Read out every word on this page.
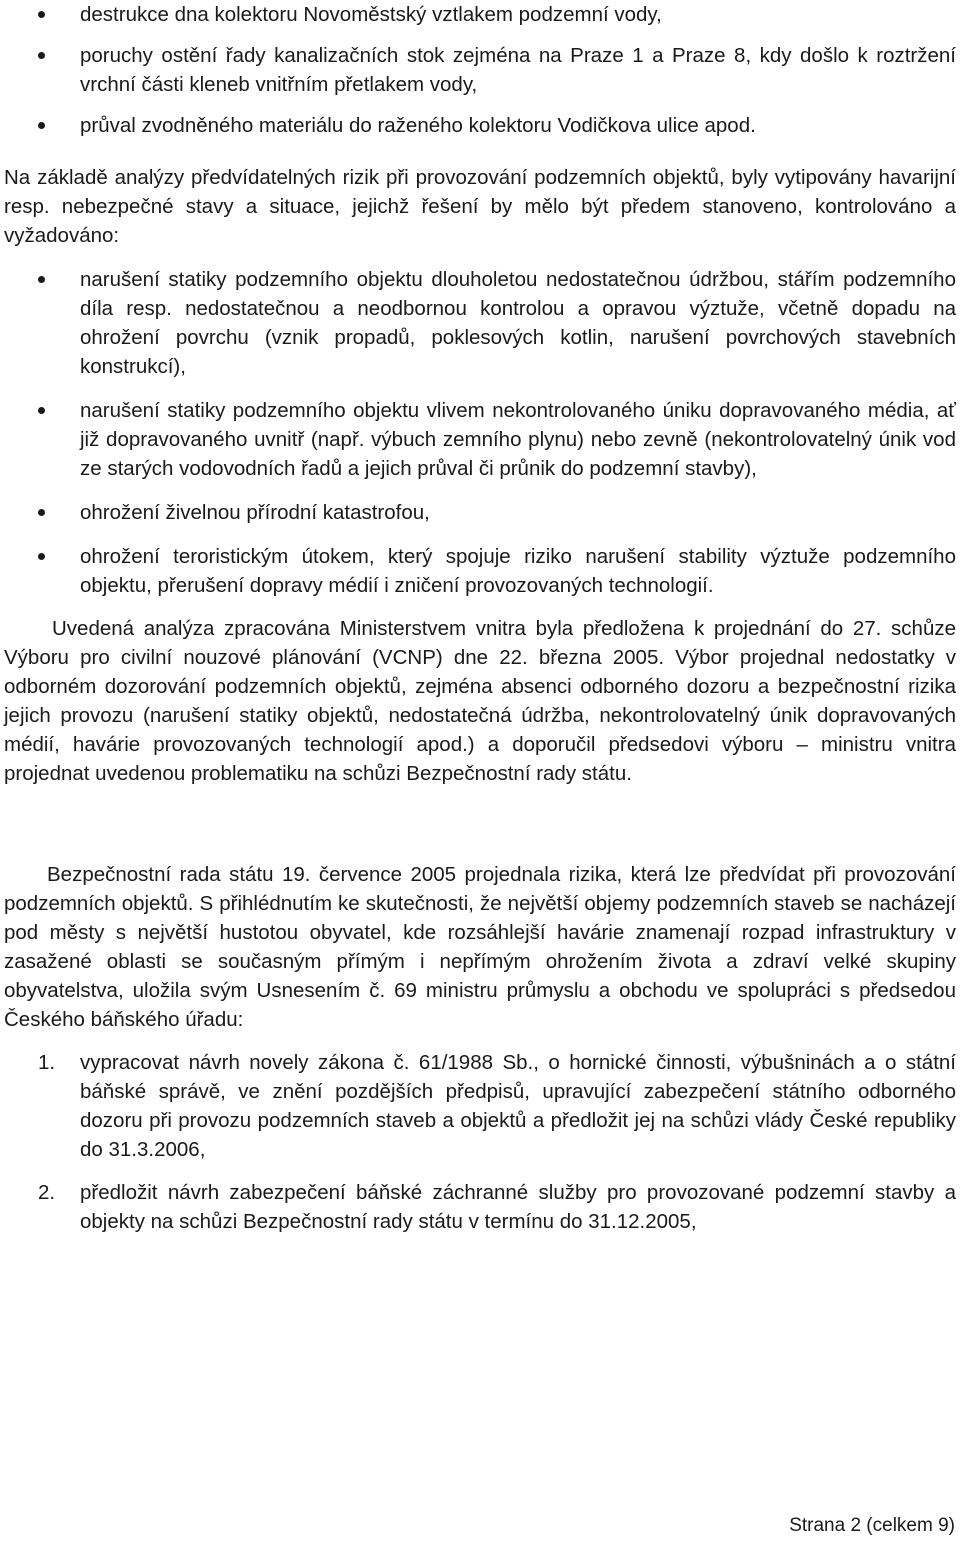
destrukce dna kolektoru Novoměstský vztlakem podzemní vody,
poruchy ostění řady kanalizačních stok zejména na Praze 1 a Praze 8, kdy došlo k roztržení vrchní části kleneb vnitřním přetlakem vody,
průval zvodněného materiálu do raženého kolektoru Vodičkova ulice apod.

Na základě analýzy předvídatelných rizik při provozování podzemních objektů, byly vytipovány havarijní resp. nebezpečné stavy a situace, jejichž řešení by mělo být předem stanoveno, kontrolováno a vyžadováno:

narušení statiky podzemního objektu dlouholetou nedostatečnou údržbou, stářím podzemního díla resp. nedostatečnou a neodbornou kontrolou a opravou výztuže, včetně dopadu na ohrožení povrchu (vznik propadů, poklesových kotlin, narušení povrchových stavebních konstrukcí),
narušení statiky podzemního objektu vlivem nekontrolovaného úniku dopravovaného média, ať již dopravovaného uvnitř (např. výbuch zemního plynu) nebo zevně (nekontrolovatelný únik vod ze starých vodovodních řadů a jejich průval či průnik do podzemní stavby),
ohrožení živelnou přírodní katastrofou,
ohrožení teroristickým útokem, který spojuje riziko narušení stability výztuže podzemního objektu, přerušení dopravy médií i zničení provozovaných technologií.

Uvedená analýza zpracována Ministerstvem vnitra byla předložena k projednání do 27. schůze Výboru pro civilní nouzové plánování (VCNP) dne 22. března 2005. Výbor projednal nedostatky v odborném dozorování podzemních objektů, zejména absenci odborného dozoru a bezpečnostní rizika jejich provozu (narušení statiky objektů, nedostatečná údržba, nekontrolovatelný únik dopravovaných médií, havárie provozovaných technologií apod.) a doporučil předsedovi výboru – ministru vnitra projednat uvedenou problematiku na schůzi Bezpečnostní rady státu.

Bezpečnostní rada státu 19. července 2005 projednala rizika, která lze předvídat při provozování podzemních objektů. S přihlédnutím ke skutečnosti, že největší objemy podzemních staveb se nacházejí pod městy s největší hustotou obyvatel, kde rozsáhlejší havárie znamenají rozpad infrastruktury v zasažené oblasti se současným přímým i nepřímým ohrožením života a zdraví velké skupiny obyvatelstva, uložila svým Usnesením č. 69 ministru průmyslu a obchodu ve spolupráci s předsedou Českého báňského úřadu:

1. vypracovat návrh novely zákona č. 61/1988 Sb., o hornické činnosti, výbušninách a o státní báňské správě, ve znění pozdějších předpisů, upravující zabezpečení státního odborného dozoru při provozu podzemních staveb a objektů a předložit jej na schůzi vlády České republiky do 31.3.2006,
2. předložit návrh zabezpečení báňské záchranné služby pro provozované podzemní stavby a objekty na schůzi Bezpečnostní rady státu v termínu do 31.12.2005,
Strana 2 (celkem 9)
